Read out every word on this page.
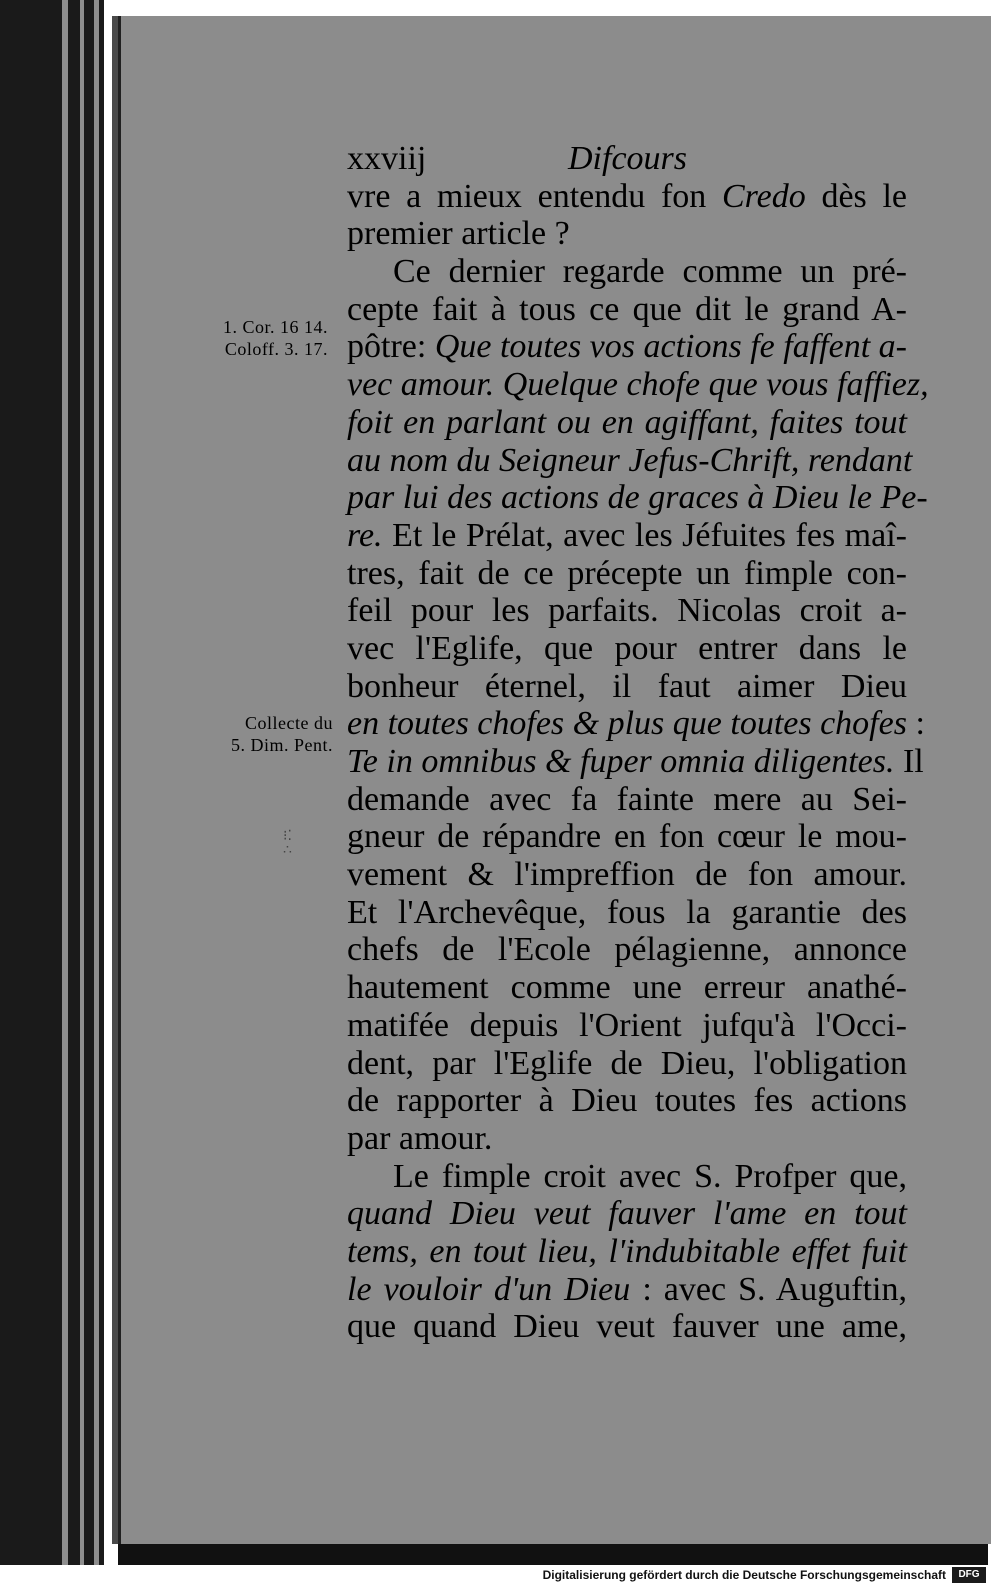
1. Cor. 16 14.
Coloff. 3. 17.
Collecte du
5. Dim. Pent.
⁝⁚
∴
xxviij	Difcours
vre a mieux entendu fon Credo dès le
premier article ?
Ce dernier regarde comme un pré-
cepte fait à tous ce que dit le grand A-
pôtre: Que toutes vos actions fe faffent a-
vec amour. Quelque chofe que vous faffiez,
foit en parlant ou en agiffant, faites tout
au nom du Seigneur Jefus-Chrift, rendant
par lui des actions de graces à Dieu le Pe-
re. Et le Prélat, avec les Jéfuites fes maî-
tres, fait de ce précepte un fimple con-
feil pour les parfaits. Nicolas croit a-
vec l'Eglife, que pour entrer dans le
bonheur éternel, il faut aimer Dieu
en toutes chofes & plus que toutes chofes :
Te in omnibus & fuper omnia diligentes. Il
demande avec fa fainte mere au Sei-
gneur de répandre en fon cœur le mou-
vement & l'impreffion de fon amour.
Et l'Archevêque, fous la garantie des
chefs de l'Ecole pélagienne, annonce
hautement comme une erreur anathé-
matifée depuis l'Orient jufqu'à l'Occi-
dent, par l'Eglife de Dieu, l'obligation
de rapporter à Dieu toutes fes actions
par amour.
Le fimple croit avec S. Profper que,
quand Dieu veut fauver l'ame en tout
tems, en tout lieu, l'indubitable effet fuit
le vouloir d'un Dieu : avec S. Auguftin,
que quand Dieu veut fauver une ame,
Digitalisierung gefördert durch die Deutsche Forschungsgemeinschaft	DFG
